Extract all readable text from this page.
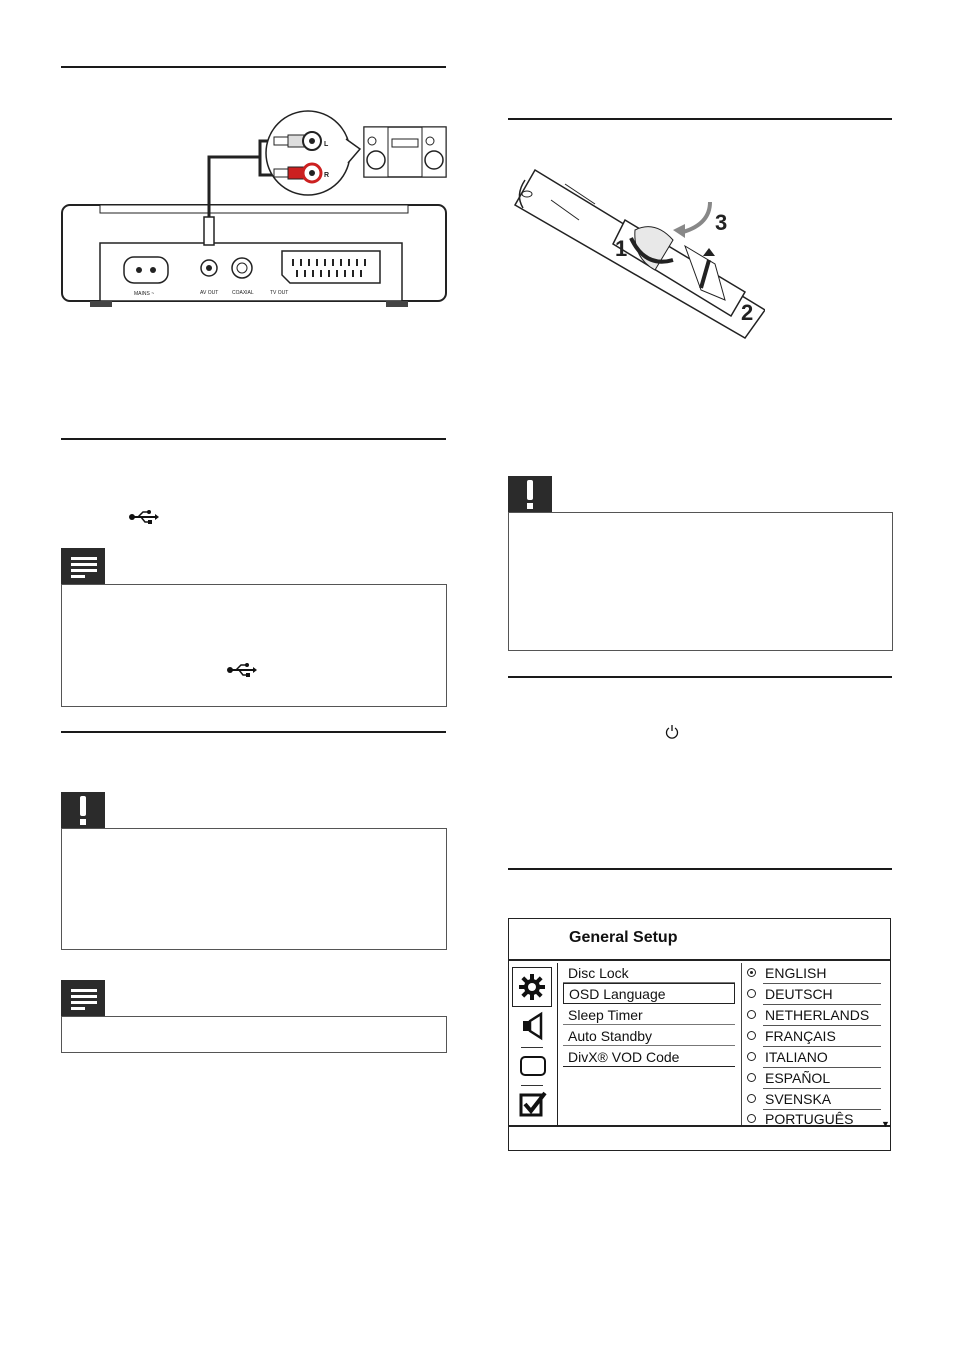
MAINS ~	AV OUT	COAXIAL	TV OUT
L
R
1
2
3
General Setup
Disc Lock
OSD Language
Sleep Timer
Auto Standby
DivX® VOD Code
ENGLISH
DEUTSCH
NETHERLANDS
FRANÇAIS
ITALIANO
ESPAÑOL
SVENSKA
PORTUGUÊS	▼
